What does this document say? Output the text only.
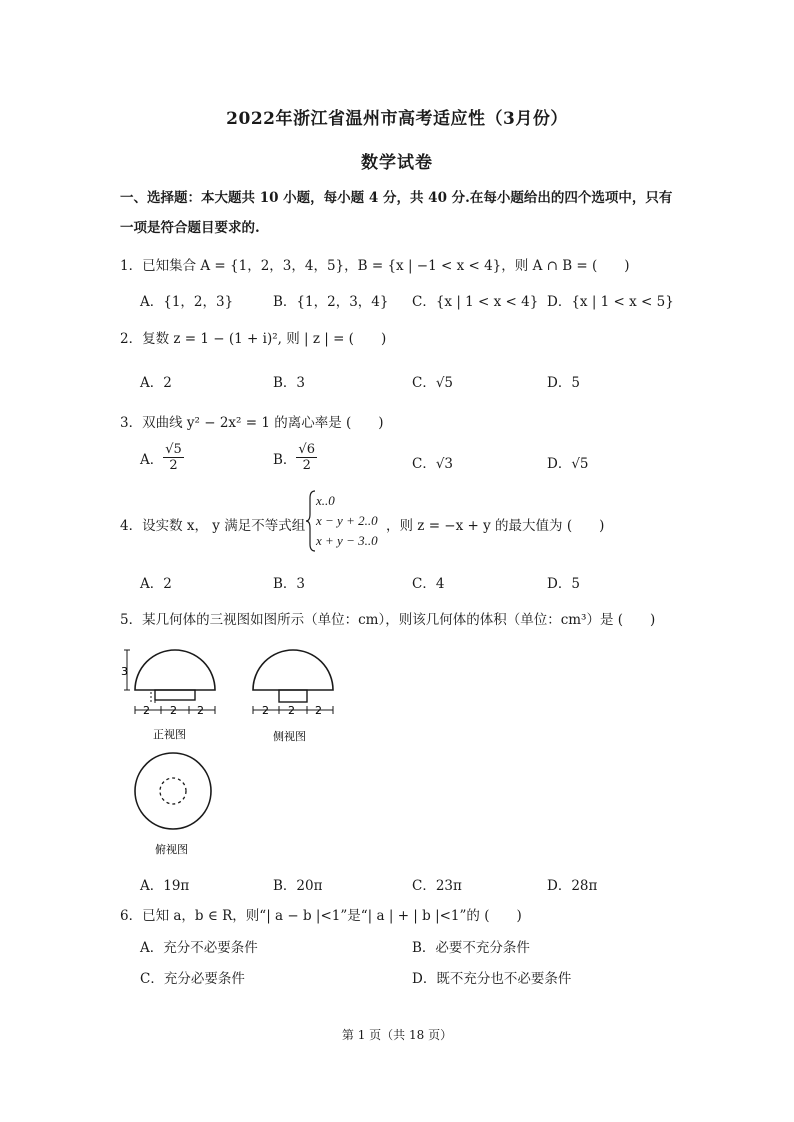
2022年浙江省温州市高考适应性（3月份）
数学试卷
一、选择题：本大题共 10 小题，每小题 4 分，共 40 分.在每小题给出的四个选项中，只有
一项是符合题目要求的.
1．已知集合 A = {1，2，3，4，5}，B = {x | −1 < x < 4}，则 A ∩ B = (　　)
A．{1，2，3}	B．{1，2，3，4} C．{x | 1 < x < 4} D．{x | 1 < x < 5}
2．复数 z = 1 − (1 + i)², 则 | z | = (　　)
A．2	B．3	C．√5	D．5
3．双曲线 y² − 2x² = 1 的离心率是 (　　)
A． $\frac{√5}{2}$	B． $\frac{√6}{2}$	C．√3	D．√5
4．设实数 x， y 满足不等式组
x..0
x − y + 2..0
x + y − 3..0
，则 z = −x + y 的最大值为 (　　)
A．2	B．3	C．4	D．5
5．某几何体的三视图如图所示（单位：cm），则该几何体的体积（单位：cm³）是 (　　)
3
2 2 2
正视图
2 2 2
侧视图
俯视图
A．19π	B．20π	C．23π	D．28π
6．已知 a，b ∈ R，则“| a − b |<1”是“| a | + | b |<1”的 (　　)
A．充分不必要条件	B．必要不充分条件
C．充分必要条件	D．既不充分也不必要条件
第 1 页（共 18 页）
